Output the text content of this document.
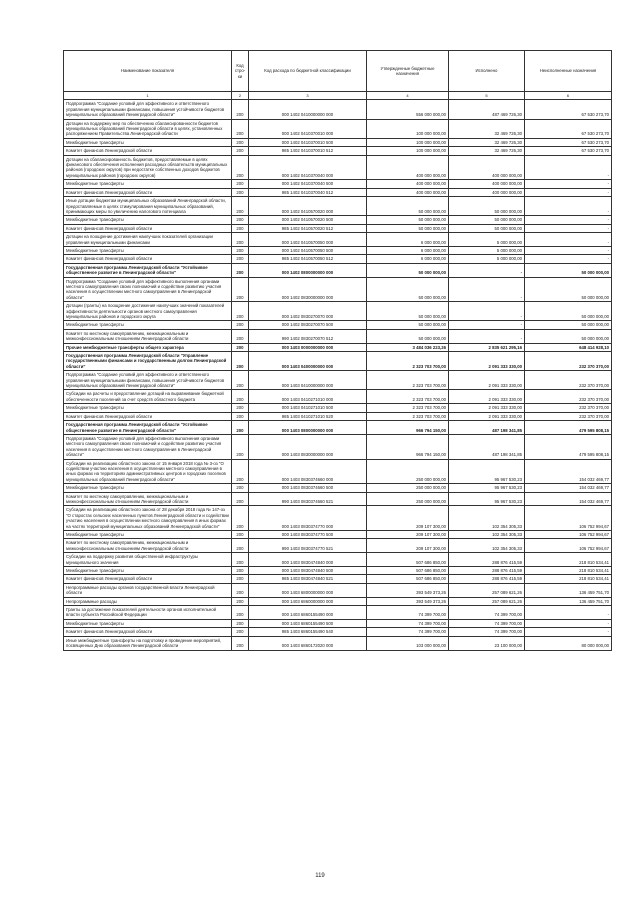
Наименование показателя	Код строки	Код расхода по бюджетной классификации	Утвержденные бюджетные назначения	Исполнено	Неисполненные назначения
1	2	3	4	5	6
Подпрограмма "Создание условий для эффективного и ответственного управления муниципальными финансами, повышения устойчивости бюджетов муниципальных образований Ленинградской области"	200	000 1402 0410000000 000	556 000 000,00	487 469 726,30	67 530 273,70
Дотации на поддержку мер по обеспечению сбалансированности бюджетов муниципальных образований Ленинградской области в целях, установленных распоряжением Правительства Ленинградской области	200	000 1402 0410370010 000	100 000 000,00	32 469 726,30	67 530 273,70
Межбюджетные трансферты	200	000 1402 0410370010 500	100 000 000,00	32 469 726,30	67 530 273,70
Комитет финансов Ленинградской области	200	985 1402 0410370010 512	100 000 000,00	32 469 726,30	67 530 273,70
Дотации на сбалансированность бюджетов, предоставляемые в целях финансового обеспечения исполнения расходных обязательств муниципальных районов (городских округов) при недостатке собственных доходов бюджетов муниципальных районов (городских округов)	200	000 1402 0410370040 000	400 000 000,00	400 000 000,00	-
Межбюджетные трансферты	200	000 1402 0410370040 500	400 000 000,00	400 000 000,00	-
Комитет финансов Ленинградской области	200	985 1402 0410370040 512	400 000 000,00	400 000 000,00	-
Иные дотации бюджетам муниципальных образований Ленинградской области, предоставляемые в целях стимулирования муниципальных образований, принимающих меры по увеличению налогового потенциала	200	000 1402 0410570020 000	50 000 000,00	50 000 000,00	-
Межбюджетные трансферты	200	000 1402 0410570020 500	50 000 000,00	50 000 000,00	-
Комитет финансов Ленинградской области	200	985 1402 0410570020 512	50 000 000,00	50 000 000,00	-
Дотации на поощрение достижения наилучших показателей организации управления муниципальными финансами	200	000 1402 0410570050 000	6 000 000,00	5 000 000,00	-
Межбюджетные трансферты	200	000 1402 0410570050 500	6 000 000,00	5 000 000,00	-
Комитет финансов Ленинградской области	200	985 1402 0410570050 512	6 000 000,00	5 000 000,00	-
Государственная программа Ленинградской области "Устойчивое общественное развитие в Ленинградской области"	200	000 1402 0800000000 000	50 000 000,00	-	50 000 000,00
Подпрограмма "Создание условий для эффективного выполнения органами местного самоуправления своих полномочий и содействие развитию участия населения в осуществлении местного самоуправления в Ленинградской области"	200	000 1402 0830000000 000	50 000 000,00	-	50 000 000,00
Дотации (гранты) на поощрение достижения наилучших значений показателей эффективности деятельности органов местного самоуправления муниципальных районов и городского округа	200	000 1402 0830270070 000	50 000 000,00	-	50 000 000,00
Межбюджетные трансферты	200	000 1402 0830270070 500	50 000 000,00	-	50 000 000,00
Комитет по местному самоуправлению, межнациональным и межконфессиональным отношениям Ленинградской области	200	990 1402 0830270070 512	50 000 000,00	-	50 000 000,00
Прочие межбюджетные трансферты общего характера	200	000 1403 0000000000 000	3 484 036 223,26	2 835 621 295,16	648 414 928,10
Государственная программа Ленинградской области "Управление государственными финансами и государственным долгом Ленинградской области"	200	000 1403 0400000000 000	2 323 703 700,00	2 091 333 330,00	232 370 370,00
Подпрограмма "Создание условий для эффективного и ответственного управления муниципальными финансами, повышения устойчивости бюджетов муниципальных образований Ленинградской области"	200	000 1403 0410000000 000	2 323 703 700,00	2 091 333 330,00	232 370 370,00
Субсидии на расчеты и предоставление дотаций на выравнивание бюджетной обеспеченности поселений за счет средств областного бюджета	200	000 1403 0410271010 000	2 323 703 700,00	2 091 333 330,00	232 370 370,00
Межбюджетные трансферты	200	000 1403 0410271010 500	2 323 703 700,00	2 091 333 330,00	232 370 370,00
Комитет финансов Ленинградской области	200	985 1403 0410271010 520	2 323 703 700,00	2 091 333 330,00	232 370 370,00
Государственная программа Ленинградской области "Устойчивое общественное развитие в Ленинградской области"	200	000 1403 0800000000 000	966 794 150,00	487 198 341,85	479 595 808,15
Подпрограмма "Создание условий для эффективного выполнения органами местного самоуправления своих полномочий и содействие развитию участия населения в осуществлении местного самоуправления в Ленинградской области"	200	000 1403 0830000000 000	966 794 150,00	487 198 341,85	479 595 808,15
Субсидии на реализацию областного закона от 15 января 2018 года № 3-оз "О содействии участию населения в осуществлении местного самоуправления в иных формах на территориях административных центров и городских поселков муниципальных образований Ленинградской области"	200	000 1403 0830374660 000	250 000 000,00	95 967 530,23	154 032 469,77
Межбюджетные трансферты	200	000 1403 0830374660 500	250 000 000,00	95 967 530,23	154 032 469,77
Комитет по местному самоуправлению, межнациональным и межконфессиональным отношениям Ленинградской области	200	990 1403 0830374660 521	250 000 000,00	95 967 530,23	154 032 469,77
Субсидии на реализацию областного закона от 28 декабря 2018 года № 147-оз "О старостах сельских населенных пунктов Ленинградской области и содействии участию населения в осуществлении местного самоуправления в иных формах на частях территорий муниципальных образований Ленинградской области"	200	000 1403 0830374770 000	209 107 300,00	102 354 305,33	106 752 994,67
Межбюджетные трансферты	200	000 1403 0830374770 500	209 107 300,00	102 354 305,33	106 752 994,67
Комитет по местному самоуправлению, межнациональным и межконфессиональным отношениям Ленинградской области	200	990 1403 0830374770 521	209 107 300,00	102 354 305,33	106 752 994,67
Субсидии на поддержку развития общественной инфраструктуры муниципального значения	200	000 1403 0830474840 000	507 686 850,00	288 876 415,59	218 810 534,41
Межбюджетные трансферты	200	000 1403 0830474840 500	507 686 850,00	288 876 415,59	218 810 534,41
Комитет финансов Ленинградской области	200	985 1403 0830474840 521	507 686 850,00	288 876 415,59	218 810 534,41
Непрограммные расходы органов государственной власти Ленинградской области	200	000 1403 6800000000 000	393 549 373,26	257 089 621,26	136 459 751,70
Непрограммные расходы	200	000 1403 6860000000 000	393 549 373,26	257 089 621,26	136 459 751,70
Гранты за достижение показателей деятельности органов исполнительной власти субъекта Российской Федерации	200	000 1403 6860155490 000	74 399 700,00	74 399 700,00	-
Межбюджетные трансферты	200	000 1403 6860155490 500	74 399 700,00	74 399 700,00	-
Комитет финансов Ленинградской области	200	985 1403 6860155490 540	74 399 700,00	74 399 700,00	-
Иные межбюджетные трансферты на подготовку и проведение мероприятий, посвященных Дню образования Ленинградской области	200	000 1403 6860172020 000	103 000 000,00	23 100 000,00	80 000 000,00
119
